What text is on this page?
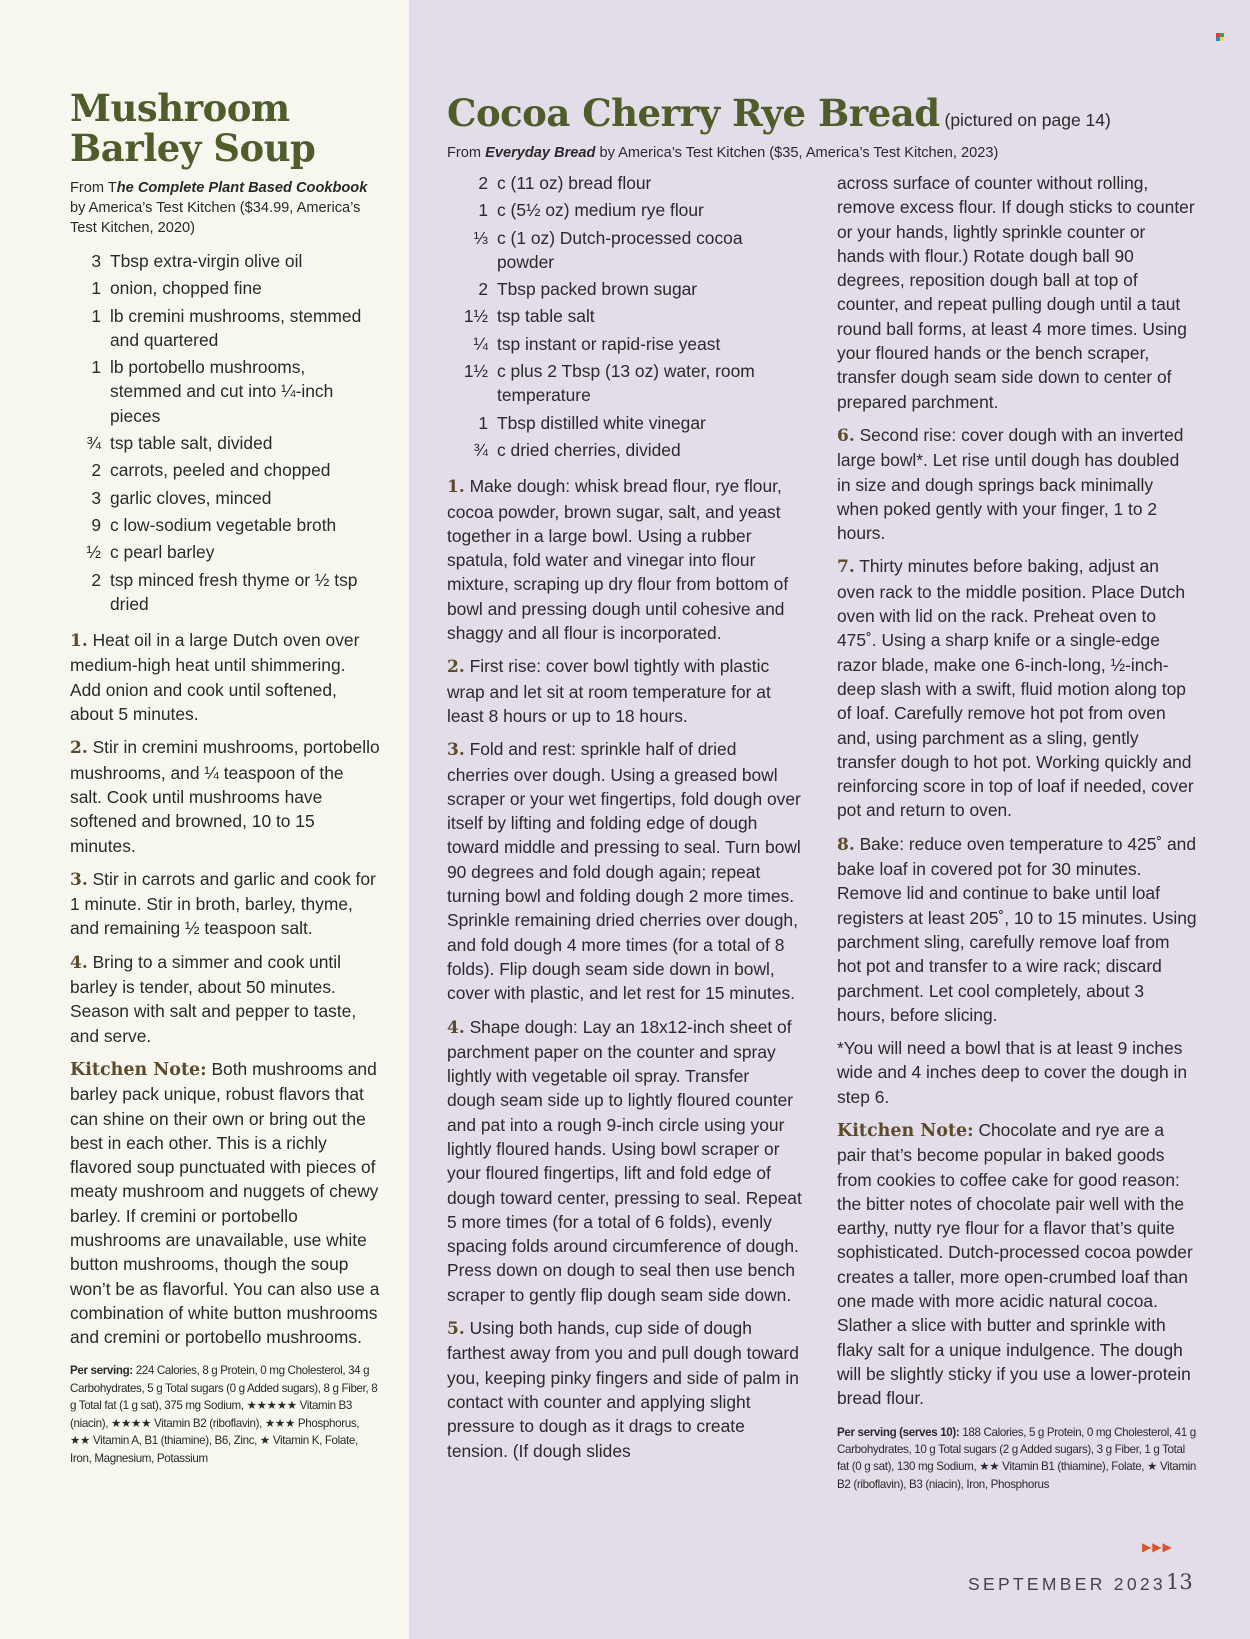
Mushroom Barley Soup

From The Complete Plant Based Cookbook by America’s Test Kitchen ($34.99, America’s Test Kitchen, 2020)

3 Tbsp extra-virgin olive oil
1 onion, chopped fine
1 lb cremini mushrooms, stemmed and quartered
1 lb portobello mushrooms, stemmed and cut into ¼-inch pieces
¾ tsp table salt, divided
2 carrots, peeled and chopped
3 garlic cloves, minced
9 c low-sodium vegetable broth
½ c pearl barley
2 tsp minced fresh thyme or ½ tsp dried

1. Heat oil in a large Dutch oven over medium-high heat until shimmering. Add onion and cook until softened, about 5 minutes.

2. Stir in cremini mushrooms, portobello mushrooms, and ¼ teaspoon of the salt. Cook until mushrooms have softened and browned, 10 to 15 minutes.

3. Stir in carrots and garlic and cook for 1 minute. Stir in broth, barley, thyme, and remaining ½ teaspoon salt.

4. Bring to a simmer and cook until barley is tender, about 50 minutes. Season with salt and pepper to taste, and serve.

Kitchen Note: Both mushrooms and barley pack unique, robust flavors that can shine on their own or bring out the best in each other. This is a richly flavored soup punctuated with pieces of meaty mushroom and nuggets of chewy barley. If cremini or portobello mushrooms are unavailable, use white button mushrooms, though the soup won’t be as flavorful. You can also use a combination of white button mushrooms and cremini or portobello mushrooms.

Per serving: 224 Calories, 8 g Protein, 0 mg Cholesterol, 34 g Carbohydrates, 5 g Total sugars (0 g Added sugars), 8 g Fiber, 8 g Total fat (1 g sat), 375 mg Sodium, ★★★★★ Vitamin B3 (niacin), ★★★★ Vitamin B2 (riboflavin), ★★★ Phosphorus, ★★ Vitamin A, B1 (thiamine), B6, Zinc, ★ Vitamin K, Folate, Iron, Magnesium, Potassium

Cocoa Cherry Rye Bread (pictured on page 14)

From Everyday Bread by America’s Test Kitchen ($35, America’s Test Kitchen, 2023)

2 c (11 oz) bread flour
1 c (5½ oz) medium rye flour
⅓ c (1 oz) Dutch-processed cocoa powder
2 Tbsp packed brown sugar
1½ tsp table salt
¼ tsp instant or rapid-rise yeast
1½ c plus 2 Tbsp (13 oz) water, room temperature
1 Tbsp distilled white vinegar
¾ c dried cherries, divided

1. Make dough: whisk bread flour, rye flour, cocoa powder, brown sugar, salt, and yeast together in a large bowl. Using a rubber spatula, fold water and vinegar into flour mixture, scraping up dry flour from bottom of bowl and pressing dough until cohesive and shaggy and all flour is incorporated.

2. First rise: cover bowl tightly with plastic wrap and let sit at room temperature for at least 8 hours or up to 18 hours.

3. Fold and rest: sprinkle half of dried cherries over dough. Using a greased bowl scraper or your wet fingertips, fold dough over itself by lifting and folding edge of dough toward middle and pressing to seal. Turn bowl 90 degrees and fold dough again; repeat turning bowl and folding dough 2 more times. Sprinkle remaining dried cherries over dough, and fold dough 4 more times (for a total of 8 folds). Flip dough seam side down in bowl, cover with plastic, and let rest for 15 minutes.

4. Shape dough: Lay an 18x12-inch sheet of parchment paper on the counter and spray lightly with vegetable oil spray. Transfer dough seam side up to lightly floured counter and pat into a rough 9-inch circle using your lightly floured hands. Using bowl scraper or your floured fingertips, lift and fold edge of dough toward center, pressing to seal. Repeat 5 more times (for a total of 6 folds), evenly spacing folds around circumference of dough. Press down on dough to seal then use bench scraper to gently flip dough seam side down.

5. Using both hands, cup side of dough farthest away from you and pull dough toward you, keeping pinky fingers and side of palm in contact with counter and applying slight pressure to dough as it drags to create tension. (If dough slides

across surface of counter without rolling, remove excess flour. If dough sticks to counter or your hands, lightly sprinkle counter or hands with flour.) Rotate dough ball 90 degrees, reposition dough ball at top of counter, and repeat pulling dough until a taut round ball forms, at least 4 more times. Using your floured hands or the bench scraper, transfer dough seam side down to center of prepared parchment.

6. Second rise: cover dough with an inverted large bowl*. Let rise until dough has doubled in size and dough springs back minimally when poked gently with your finger, 1 to 2 hours.

7. Thirty minutes before baking, adjust an oven rack to the middle position. Place Dutch oven with lid on the rack. Preheat oven to 475˚. Using a sharp knife or a single-edge razor blade, make one 6-inch-long, ½-inch-deep slash with a swift, fluid motion along top of loaf. Carefully remove hot pot from oven and, using parchment as a sling, gently transfer dough to hot pot. Working quickly and reinforcing score in top of loaf if needed, cover pot and return to oven.

8. Bake: reduce oven temperature to 425˚ and bake loaf in covered pot for 30 minutes. Remove lid and continue to bake until loaf registers at least 205˚, 10 to 15 minutes. Using parchment sling, carefully remove loaf from hot pot and transfer to a wire rack; discard parchment. Let cool completely, about 3 hours, before slicing.

*You will need a bowl that is at least 9 inches wide and 4 inches deep to cover the dough in step 6.

Kitchen Note: Chocolate and rye are a pair that’s become popular in baked goods from cookies to coffee cake for good reason: the bitter notes of chocolate pair well with the earthy, nutty rye flour for a flavor that’s quite sophisticated. Dutch-processed cocoa powder creates a taller, more open-crumbed loaf than one made with more acidic natural cocoa. Slather a slice with butter and sprinkle with flaky salt for a unique indulgence. The dough will be slightly sticky if you use a lower-protein bread flour.

Per serving (serves 10): 188 Calories, 5 g Protein, 0 mg Cholesterol, 41 g Carbohydrates, 10 g Total sugars (2 g Added sugars), 3 g Fiber, 1 g Total fat (0 g sat), 130 mg Sodium, ★★ Vitamin B1 (thiamine), Folate, ★ Vitamin B2 (riboflavin), B3 (niacin), Iron, Phosphorus

▶▶▶
SEPTEMBER 2023 13
